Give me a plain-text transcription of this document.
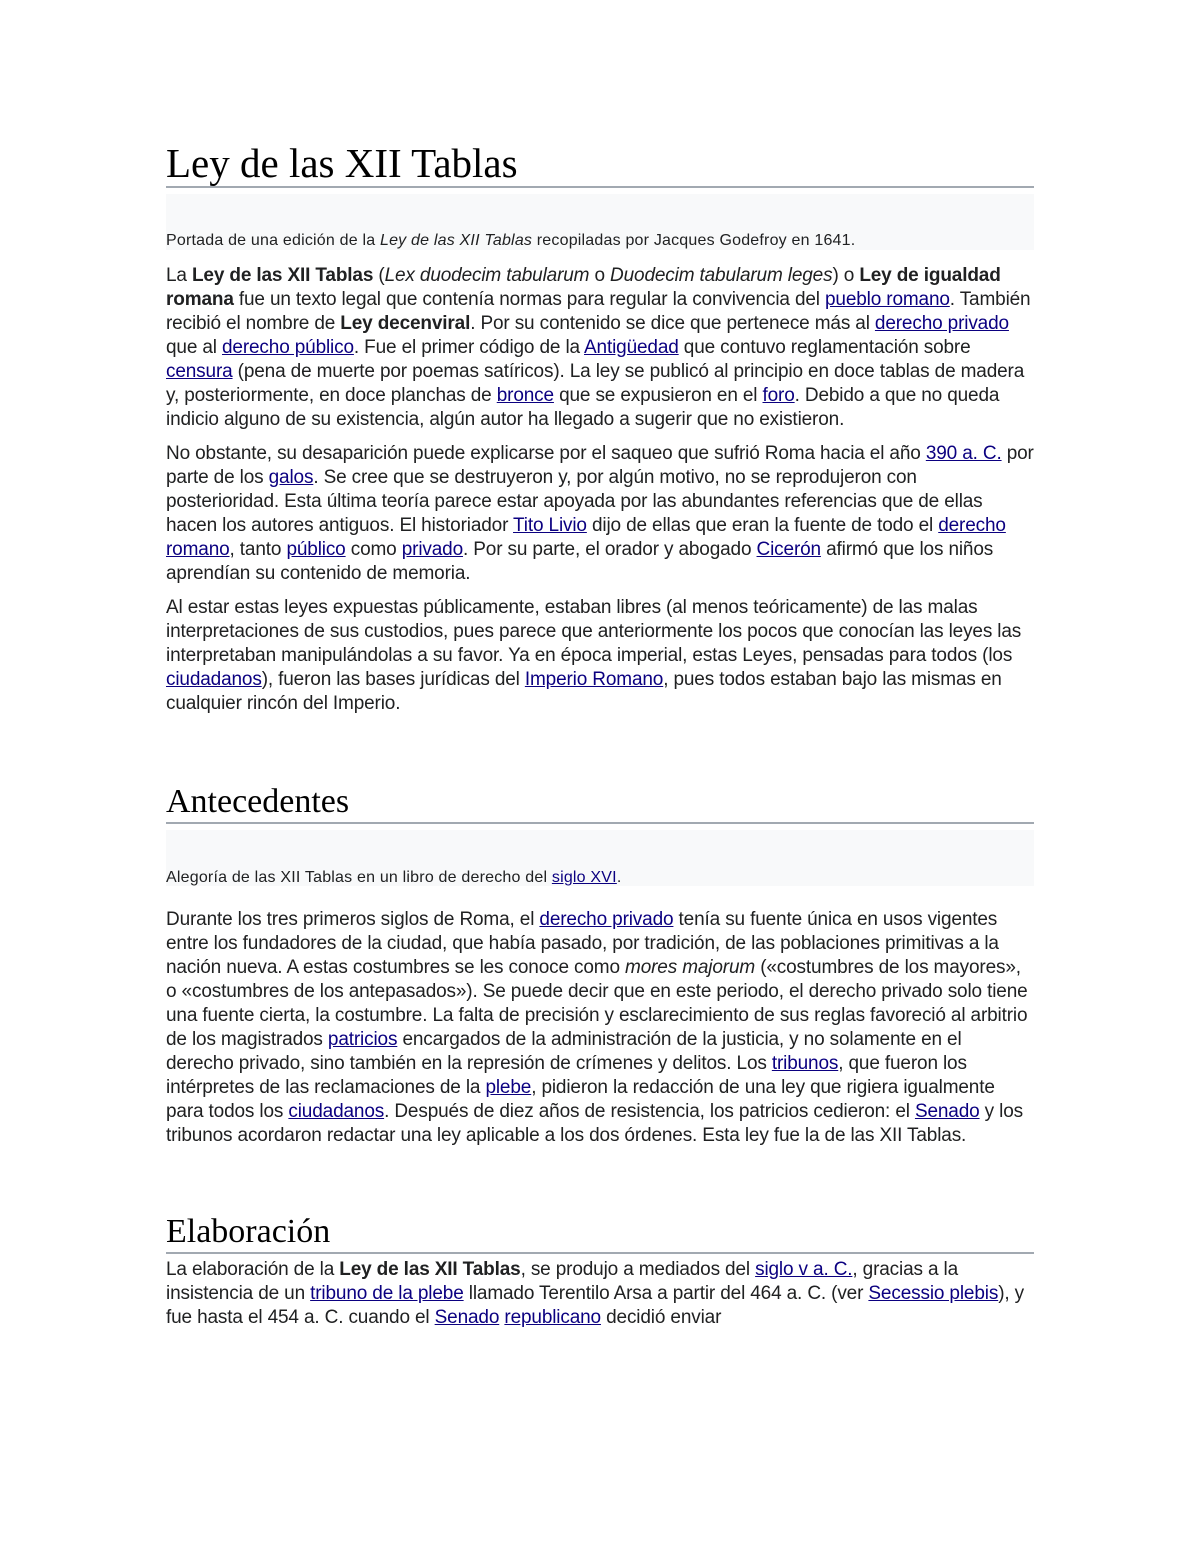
Ley de las XII Tablas
Portada de una edición de la Ley de las XII Tablas recopiladas por Jacques Godefroy en 1641.

La Ley de las XII Tablas (Lex duodecim tabularum o Duodecim tabularum leges) o Ley de igualdad romana fue un texto legal que contenía normas para regular la convivencia del pueblo romano. También recibió el nombre de Ley decenviral. Por su contenido se dice que pertenece más al derecho privado que al derecho público. Fue el primer código de la Antigüedad que contuvo reglamentación sobre censura (pena de muerte por poemas satíricos). La ley se publicó al principio en doce tablas de madera y, posteriormente, en doce planchas de bronce que se expusieron en el foro. Debido a que no queda indicio alguno de su existencia, algún autor ha llegado a sugerir que no existieron.

No obstante, su desaparición puede explicarse por el saqueo que sufrió Roma hacia el año 390 a. C. por parte de los galos. Se cree que se destruyeron y, por algún motivo, no se reprodujeron con posterioridad. Esta última teoría parece estar apoyada por las abundantes referencias que de ellas hacen los autores antiguos. El historiador Tito Livio dijo de ellas que eran la fuente de todo el derecho romano, tanto público como privado. Por su parte, el orador y abogado Cicerón afirmó que los niños aprendían su contenido de memoria.

Al estar estas leyes expuestas públicamente, estaban libres (al menos teóricamente) de las malas interpretaciones de sus custodios, pues parece que anteriormente los pocos que conocían las leyes las interpretaban manipulándolas a su favor. Ya en época imperial, estas Leyes, pensadas para todos (los ciudadanos), fueron las bases jurídicas del Imperio Romano, pues todos estaban bajo las mismas en cualquier rincón del Imperio.

Antecedentes
Alegoría de las XII Tablas en un libro de derecho del siglo XVI.

Durante los tres primeros siglos de Roma, el derecho privado tenía su fuente única en usos vigentes entre los fundadores de la ciudad, que había pasado, por tradición, de las poblaciones primitivas a la nación nueva. A estas costumbres se les conoce como mores majorum («costumbres de los mayores», o «costumbres de los antepasados»). Se puede decir que en este periodo, el derecho privado solo tiene una fuente cierta, la costumbre. La falta de precisión y esclarecimiento de sus reglas favoreció al arbitrio de los magistrados patricios encargados de la administración de la justicia, y no solamente en el derecho privado, sino también en la represión de crímenes y delitos. Los tribunos, que fueron los intérpretes de las reclamaciones de la plebe, pidieron la redacción de una ley que rigiera igualmente para todos los ciudadanos. Después de diez años de resistencia, los patricios cedieron: el Senado y los tribunos acordaron redactar una ley aplicable a los dos órdenes. Esta ley fue la de las XII Tablas.

Elaboración

La elaboración de la Ley de las XII Tablas, se produjo a mediados del siglo v a. C., gracias a la insistencia de un tribuno de la plebe llamado Terentilo Arsa a partir del 464 a. C. (ver Secessio plebis), y fue hasta el 454 a. C. cuando el Senado republicano decidió enviar
